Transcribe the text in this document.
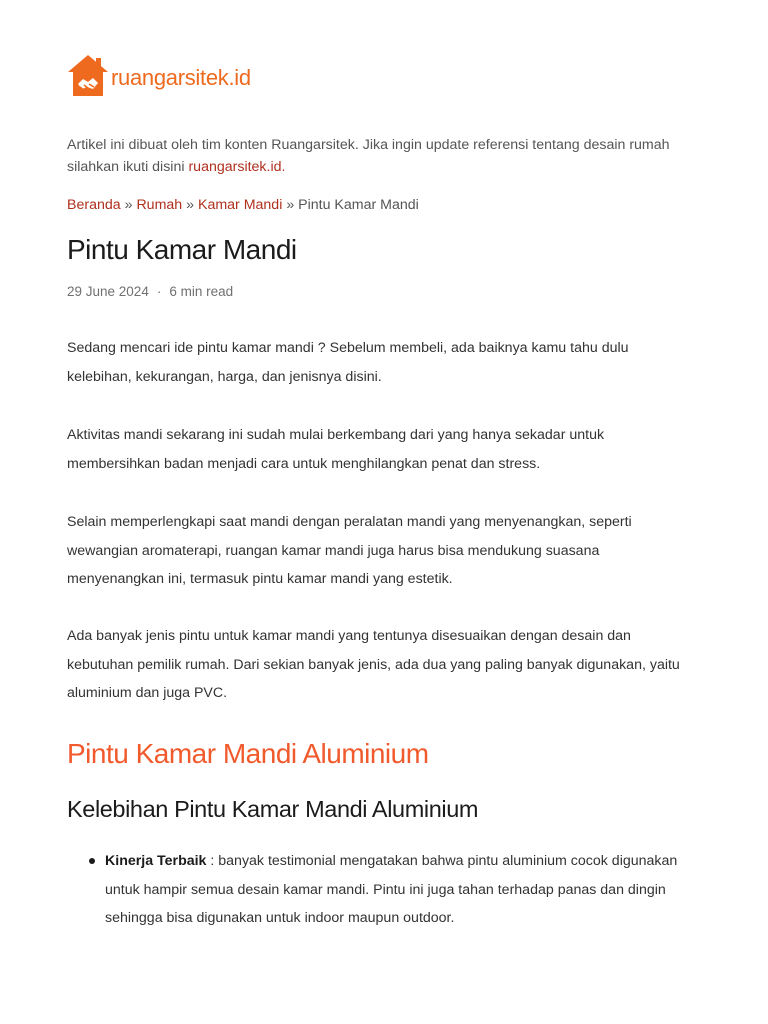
ruangarsitek.id
Artikel ini dibuat oleh tim konten Ruangarsitek. Jika ingin update referensi tentang desain rumah silahkan ikuti disini ruangarsitek.id.
Beranda » Rumah » Kamar Mandi » Pintu Kamar Mandi
Pintu Kamar Mandi
29 June 2024 · 6 min read

Sedang mencari ide pintu kamar mandi ? Sebelum membeli, ada baiknya kamu tahu dulu kelebihan, kekurangan, harga, dan jenisnya disini.

Aktivitas mandi sekarang ini sudah mulai berkembang dari yang hanya sekadar untuk membersihkan badan menjadi cara untuk menghilangkan penat dan stress.

Selain memperlengkapi saat mandi dengan peralatan mandi yang menyenangkan, seperti wewangian aromaterapi, ruangan kamar mandi juga harus bisa mendukung suasana menyenangkan ini, termasuk pintu kamar mandi yang estetik.

Ada banyak jenis pintu untuk kamar mandi yang tentunya disesuaikan dengan desain dan kebutuhan pemilik rumah. Dari sekian banyak jenis, ada dua yang paling banyak digunakan, yaitu aluminium dan juga PVC.

Pintu Kamar Mandi Aluminium
Kelebihan Pintu Kamar Mandi Aluminium
Kinerja Terbaik : banyak testimonial mengatakan bahwa pintu aluminium cocok digunakan untuk hampir semua desain kamar mandi. Pintu ini juga tahan terhadap panas dan dingin sehingga bisa digunakan untuk indoor maupun outdoor.
